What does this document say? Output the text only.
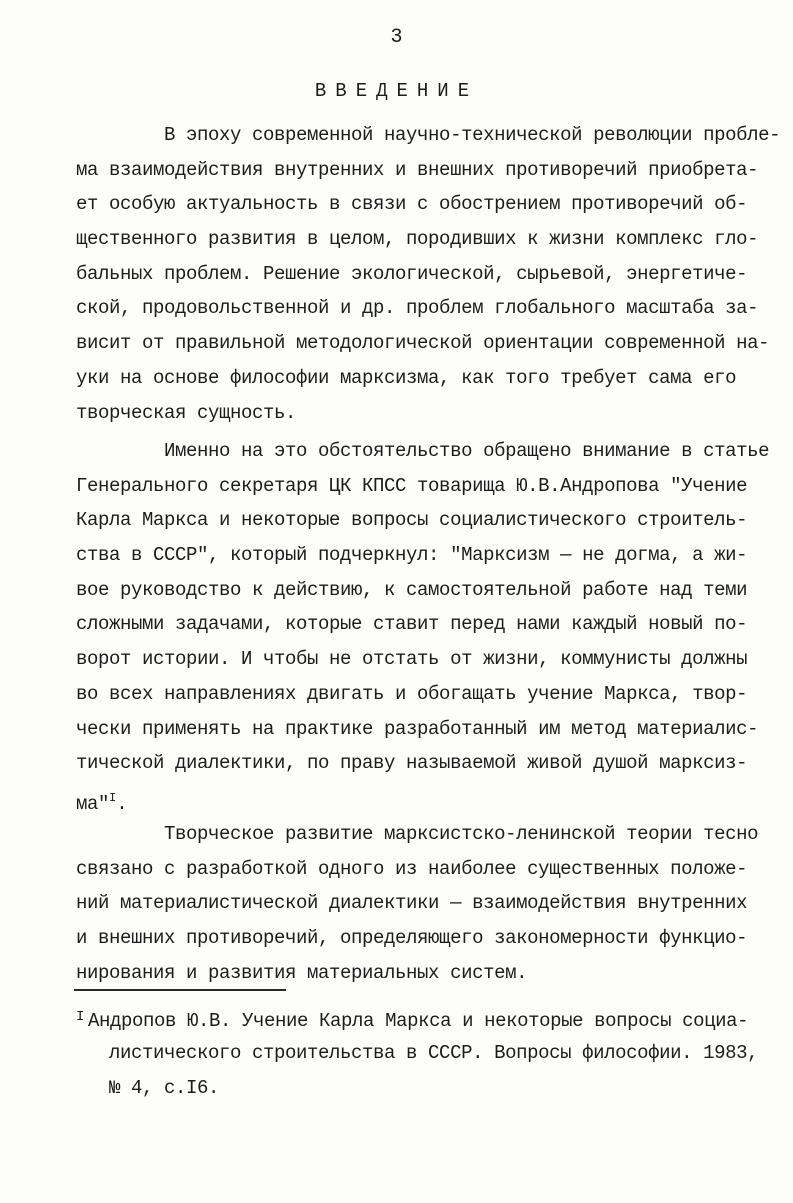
3
ВВЕДЕНИЕ
В эпоху современной научно-технической революции пробле-
ма взаимодействия внутренних и внешних противоречий приобрета-
ет особую актуальность в связи с обострением противоречий об-
щественного развития в целом, породивших к жизни комплекс гло-
бальных проблем. Решение экологической, сырьевой, энергетиче-
ской, продовольственной и др. проблем глобального масштаба за-
висит от правильной методологической ориентации современной на-
уки на основе философии марксизма, как того требует сама его
творческая сущность.
Именно на это обстоятельство обращено внимание в статье
Генерального секретаря ЦК КПСС товарища Ю.В.Андропова "Учение
Карла Маркса и некоторые вопросы социалистического строитель-
ства в СССР", который подчеркнул: "Марксизм — не догма, а жи-
вое руководство к действию, к самостоятельной работе над теми
сложными задачами, которые ставит перед нами каждый новый по-
ворот истории. И чтобы не отстать от жизни, коммунисты должны
во всех направлениях двигать и обогащать учение Маркса, твор-
чески применять на практике разработанный им метод материалис-
тической диалектики, по праву называемой живой душой марксиз-
ма"$^I$.
Творческое развитие марксистско-ленинской теории тесно
связано с разработкой одного из наиболее существенных положе-
ний материалистической диалектики — взаимодействия внутренних
и внешних противоречий, определяющего закономерности функцио-
нирования и развития материальных систем.
$^I$ Андропов Ю.В. Учение Карла Маркса и некоторые вопросы социа-
листического строительства в СССР. Вопросы философии. 1983,
№ 4, с.I6.
